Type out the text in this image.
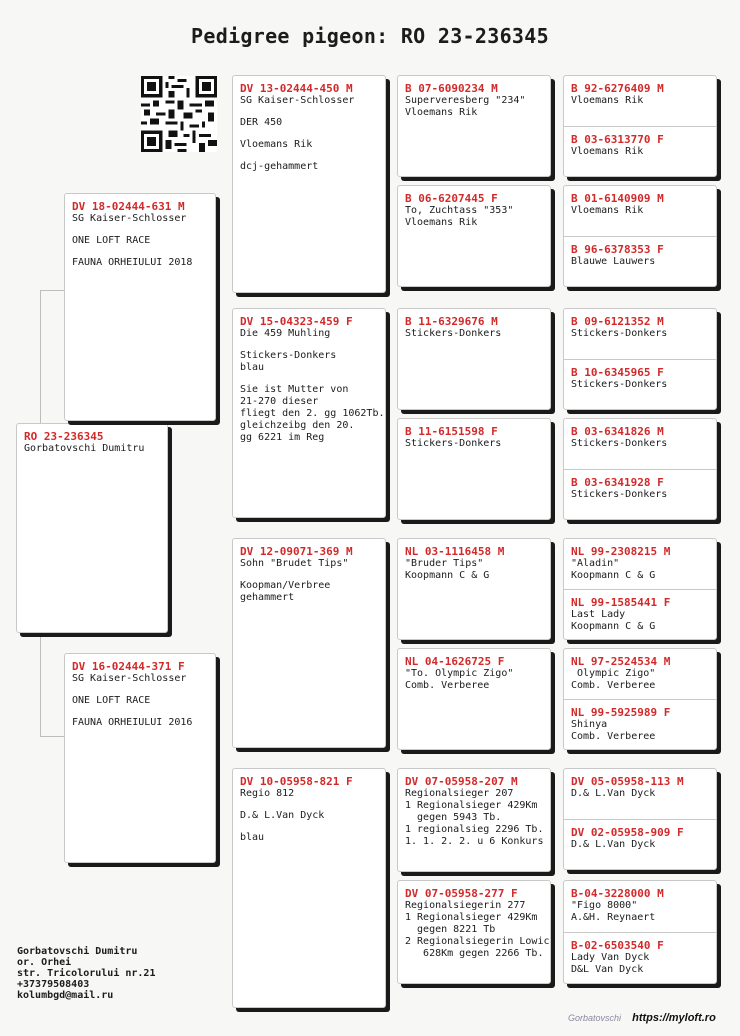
Pedigree pigeon: RO 23-236345
RO 23-236345
Gorbatovschi Dumitru
DV 18-02444-631 M
SG Kaiser-Schlosser
ONE LOFT RACE
FAUNA ORHEIULUI 2018
DV 16-02444-371 F
SG Kaiser-Schlosser
ONE LOFT RACE
FAUNA ORHEIULUI 2016
DV 13-02444-450 M
SG Kaiser-Schlosser
DER 450
Vloemans Rik
dcj-gehammert
DV 15-04323-459 F
Die 459 Muhling
Stickers-Donkers
blau
Sie ist Mutter von
21-270 dieser
fliegt den 2. gg 1062Tb.
gleichzeibg den 20.
gg 6221 im Reg
DV 12-09071-369 M
Sohn "Brudet Tips"
Koopman/Verbree
gehammert
DV 10-05958-821 F
Regio 812
D.& L.Van Dyck
blau
B 07-6090234 M
Superveresberg "234"
Vloemans Rik
B 06-6207445 F
To, Zuchtass "353"
Vloemans Rik
B 11-6329676 M
Stickers-Donkers
B 11-6151598 F
Stickers-Donkers
NL 03-1116458 M
"Bruder Tips"
Koopmann C & G
NL 04-1626725 F
"To. Olympic Zigo"
Comb. Verberee
DV 07-05958-207 M
Regionalsieger 207
1 Regionalsieger 429Km
gegen 5943 Tb.
1 regionalsieg 2296 Tb.
1. 1. 2. 2. u 6 Konkurs
DV 07-05958-277 F
Regionalsiegerin 277
1 Regionalsieger 429Km
gegen 8221 Tb
2 Regionalsiegerin Lowic
628Km gegen 2266 Tb.
B 92-6276409 M
Vloemans Rik
B 03-6313770 F
Vloemans Rik
B 01-6140909 M
Vloemans Rik
B 96-6378353 F
Blauwe Lauwers
B 09-6121352 M
Stickers-Donkers
B 10-6345965 F
Stickers-Donkers
B 03-6341826 M
Stickers-Donkers
B 03-6341928 F
Stickers-Donkers
NL 99-2308215 M
"Aladin"
Koopmann C & G
NL 99-1585441 F
Last Lady
Koopmann C & G
NL 97-2524534 M
Olympic Zigo"
Comb. Verberee
NL 99-5925989 F
Shinya
Comb. Verberee
DV 05-05958-113 M
D.& L.Van Dyck
DV 02-05958-909 F
D.& L.Van Dyck
B-04-3228000 M
"Figo 8000"
A.&H. Reynaert
B-02-6503540 F
Lady Van Dyck
D&L Van Dyck
Gorbatovschi Dumitru
or. Orhei
str. Tricolorului nr.21
+37379508403
kolumbgd@mail.ru
Gorbatovschi https://myloft.ro
